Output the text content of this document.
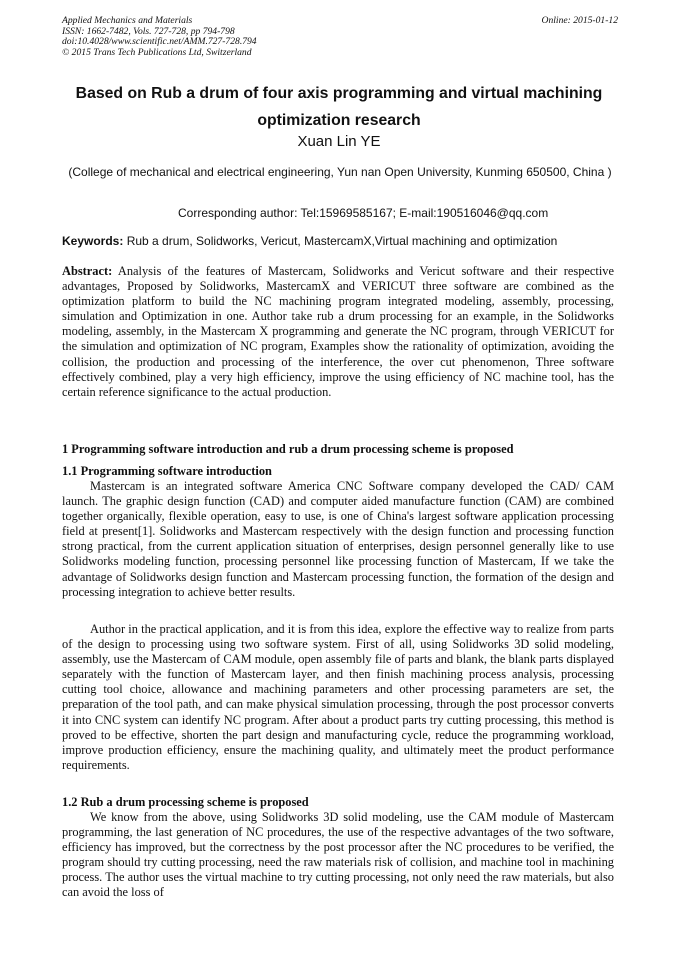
Applied Mechanics and Materials
ISSN: 1662-7482, Vols. 727-728, pp 794-798
doi:10.4028/www.scientific.net/AMM.727-728.794
© 2015 Trans Tech Publications Ltd, Switzerland
Online: 2015-01-12
Based on Rub a drum of four axis programming and virtual machining optimization research
Xuan Lin YE
(College of mechanical and electrical engineering, Yun nan Open University, Kunming 650500, China )
Corresponding author: Tel:15969585167; E-mail:190516046@qq.com
Keywords: Rub a drum, Solidworks, Vericut, MastercamX,Virtual machining and optimization
Abstract: Analysis of the features of Mastercam, Solidworks and Vericut software and their respective advantages, Proposed by Solidworks, MastercamX and VERICUT three software are combined as the optimization platform to build the NC machining program integrated modeling, assembly, processing, simulation and Optimization in one. Author take rub a drum processing for an example, in the Solidworks modeling, assembly, in the Mastercam X programming and generate the NC program, through VERICUT for the simulation and optimization of NC program, Examples show the rationality of optimization, avoiding the collision, the production and processing of the interference, the over cut phenomenon, Three software effectively combined, play a very high efficiency, improve the using efficiency of NC machine tool, has the certain reference significance to the actual production.
1 Programming software introduction and rub a drum processing scheme is proposed
1.1 Programming software introduction
Mastercam is an integrated software America CNC Software company developed the CAD/ CAM launch. The graphic design function (CAD) and computer aided manufacture function (CAM) are combined together organically, flexible operation, easy to use, is one of China's largest software application processing field at present[1]. Solidworks and Mastercam respectively with the design function and processing function strong practical, from the current application situation of enterprises, design personnel generally like to use Solidworks modeling function, processing personnel like processing function of Mastercam, If we take the advantage of Solidworks design function and Mastercam processing function, the formation of the design and processing integration to achieve better results.
Author in the practical application, and it is from this idea, explore the effective way to realize from parts of the design to processing using two software system. First of all, using Solidworks 3D solid modeling, assembly, use the Mastercam of CAM module, open assembly file of parts and blank, the blank parts displayed separately with the function of Mastercam layer, and then finish machining process analysis, processing cutting tool choice, allowance and machining parameters and other processing parameters are set, the preparation of the tool path, and can make physical simulation processing, through the post processor converts it into CNC system can identify NC program. After about a product parts try cutting processing, this method is proved to be effective, shorten the part design and manufacturing cycle, reduce the programming workload, improve production efficiency, ensure the machining quality, and ultimately meet the product performance requirements.
1.2 Rub a drum processing scheme is proposed
We know from the above, using Solidworks 3D solid modeling, use the CAM module of Mastercam programming, the last generation of NC procedures, the use of the respective advantages of the two software, efficiency has improved, but the correctness by the post processor after the NC procedures to be verified, the program should try cutting processing, need the raw materials risk of collision, and machine tool in machining process. The author uses the virtual machine to try cutting processing, not only need the raw materials, but also can avoid the loss of
